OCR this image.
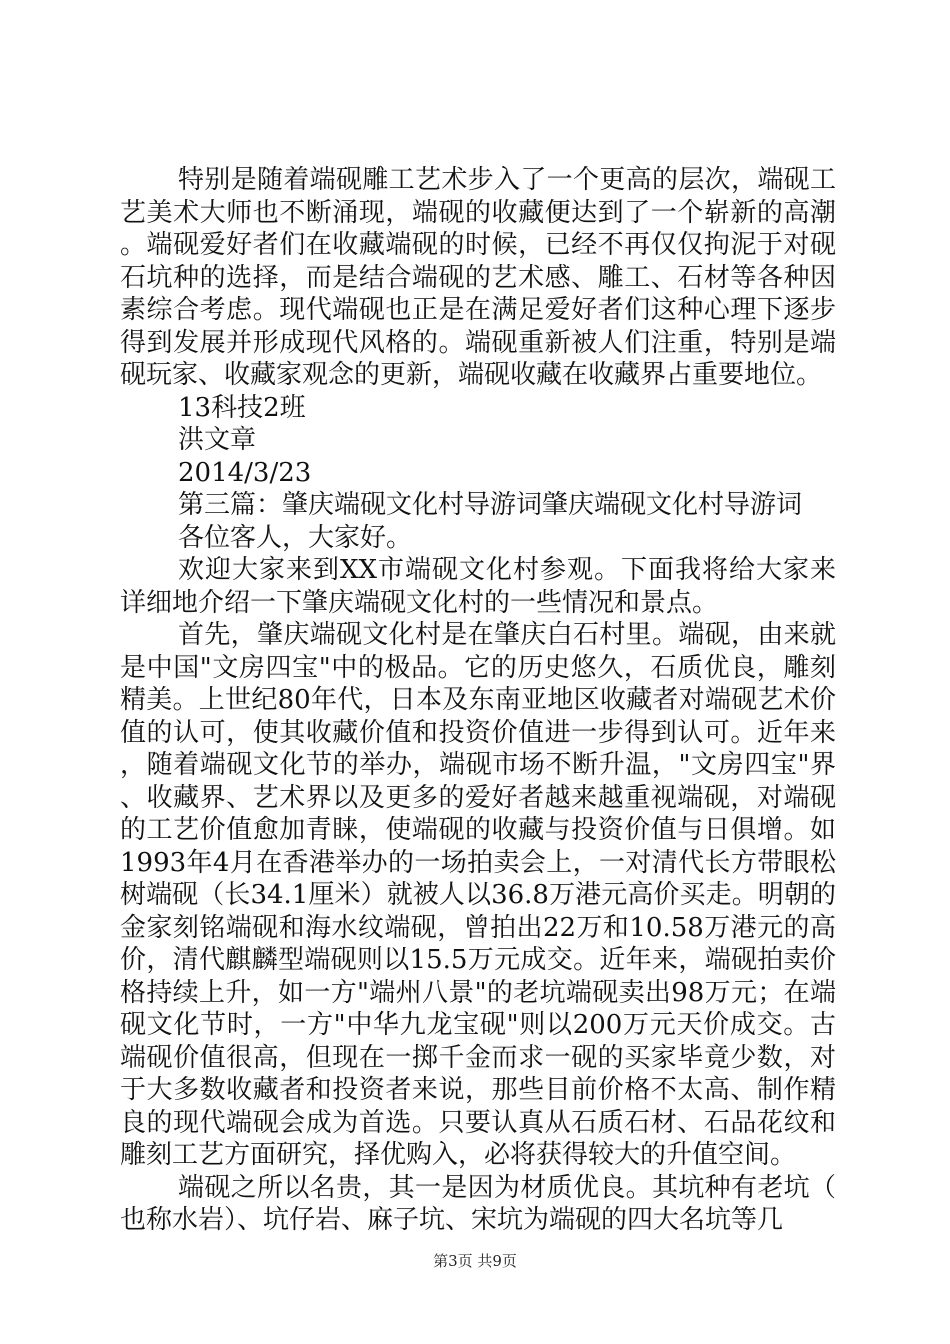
特别是随着端砚雕工艺术步入了一个更高的层次，端砚工艺美术大师也不断涌现，端砚的收藏便达到了一个崭新的高潮。端砚爱好者们在收藏端砚的时候，已经不再仅仅拘泥于对砚石坑种的选择，而是结合端砚的艺术感、雕工、石材等各种因素综合考虑。现代端砚也正是在满足爱好者们这种心理下逐步得到发展并形成现代风格的。端砚重新被人们注重，特别是端砚玩家、收藏家观念的更新，端砚收藏在收藏界占重要地位。

13科技2班

洪文章

2014/3/23

第三篇：肇庆端砚文化村导游词肇庆端砚文化村导游词

各位客人，大家好。

欢迎大家来到XX市端砚文化村参观。下面我将给大家来详细地介绍一下肇庆端砚文化村的一些情况和景点。

首先，肇庆端砚文化村是在肇庆白石村里。端砚，由来就是中国"文房四宝"中的极品。它的历史悠久，石质优良，雕刻精美。上世纪80年代，日本及东南亚地区收藏者对端砚艺术价值的认可，使其收藏价值和投资价值进一步得到认可。近年来，随着端砚文化节的举办，端砚市场不断升温，"文房四宝"界、收藏界、艺术界以及更多的爱好者越来越重视端砚，对端砚的工艺价值愈加青睐，使端砚的收藏与投资价值与日俱增。如1993年4月在香港举办的一场拍卖会上，一对清代长方带眼松树端砚（长34.1厘米）就被人以36.8万港元高价买走。明朝的金家刻铭端砚和海水纹端砚，曾拍出22万和10.58万港元的高价，清代麒麟型端砚则以15.5万元成交。近年来，端砚拍卖价格持续上升，如一方"端州八景"的老坑端砚卖出98万元；在端砚文化节时，一方"中华九龙宝砚"则以200万元天价成交。古端砚价值很高，但现在一掷千金而求一砚的买家毕竟少数，对于大多数收藏者和投资者来说，那些目前价格不太高、制作精良的现代端砚会成为首选。只要认真从石质石材、石品花纹和雕刻工艺方面研究，择优购入，必将获得较大的升值空间。

端砚之所以名贵，其一是因为材质优良。其坑种有老坑（也称水岩）、坑仔岩、麻子坑、宋坑为端砚的四大名坑等几

第3页 共9页
